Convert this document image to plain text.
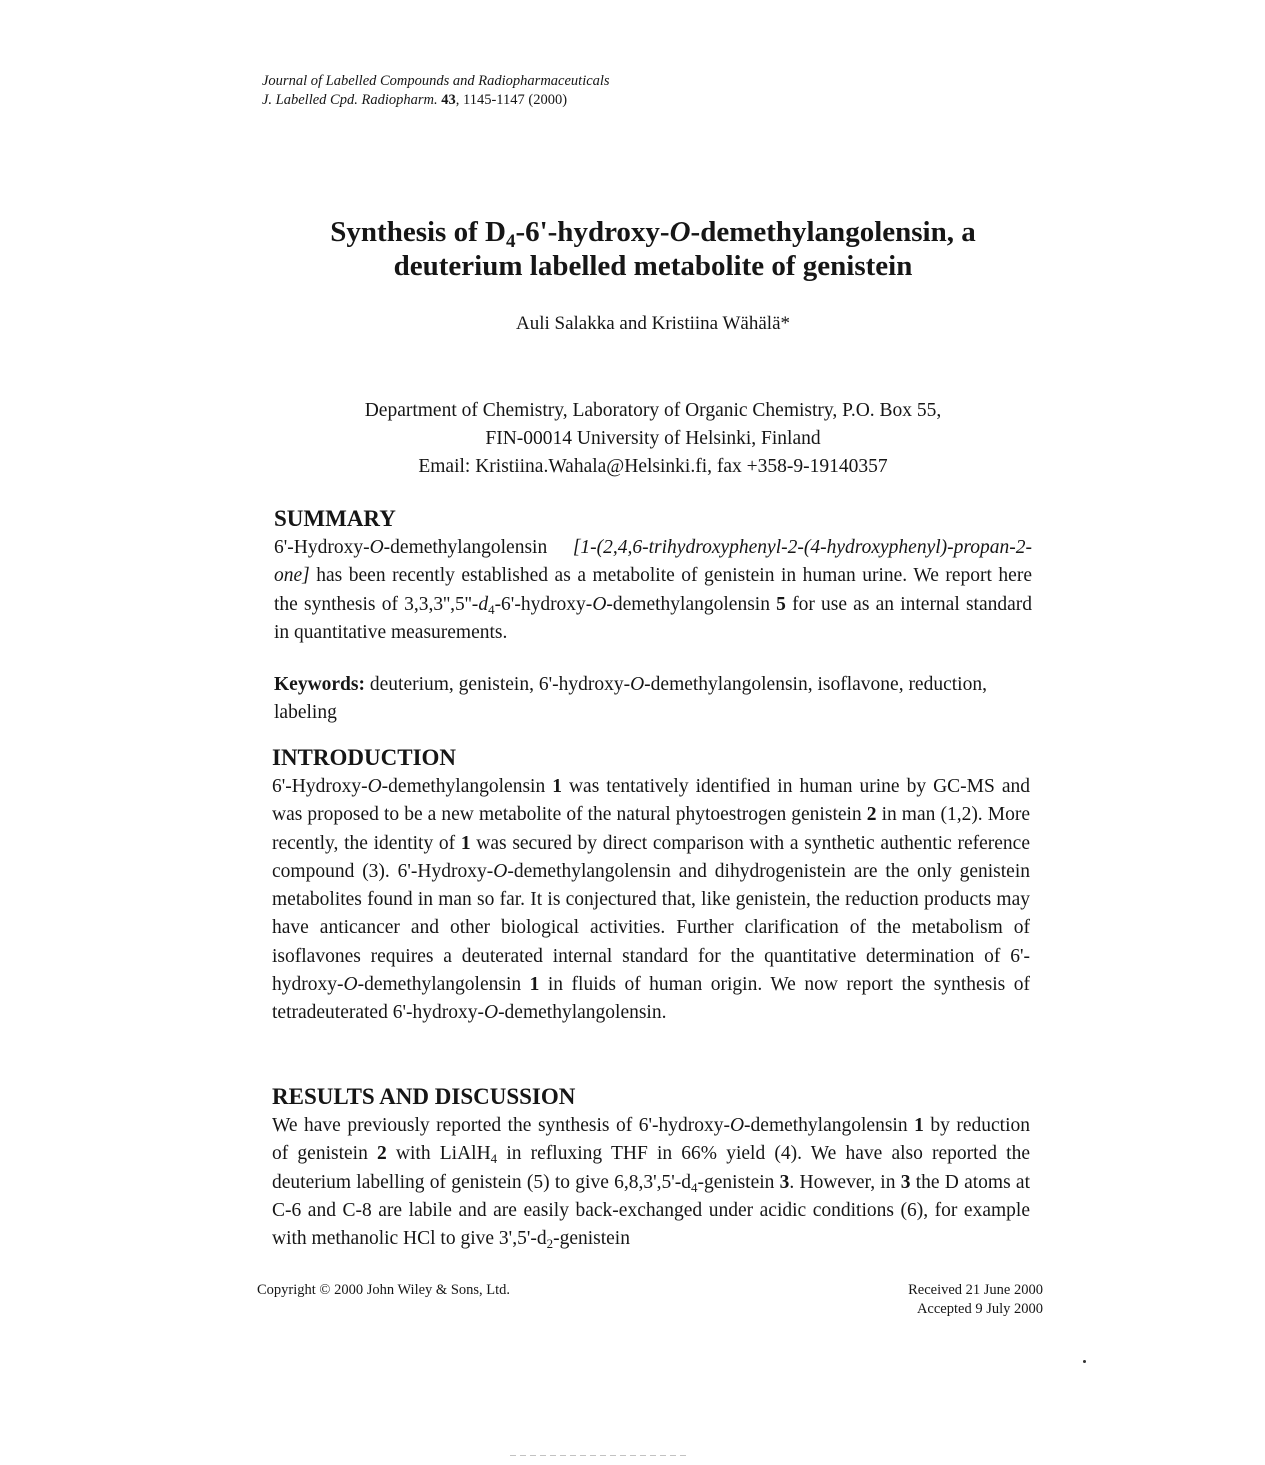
Journal of Labelled Compounds and Radiopharmaceuticals
J. Labelled Cpd. Radiopharm. 43, 1145-1147 (2000)
Synthesis of $D_4-6'-hydroxy-O$-demethylangolensin, a
deuterium labelled metabolite of genistein
Auli Salakka and Kristiina Wähälä*
Department of Chemistry, Laboratory of Organic Chemistry, P.O. Box 55,
FIN-00014 University of Helsinki, Finland
Email: Kristiina.Wahala@Helsinki.fi, fax +358-9-19140357
SUMMARY

6'-Hydroxy-O-demethylangolensin [1-(2,4,6-trihydroxyphenyl-2-(4-hydroxyphenyl)-propan-2-one] has been recently established as a metabolite of genistein in human urine. We report here the synthesis of $3,3,3'',5''-d_4-6'-hydroxy-O$-demethylangolensin 5 for use as an internal standard in quantitative measurements.

Keywords: deuterium, genistein, 6'-hydroxy-O-demethylangolensin, isoflavone, reduction, labeling

INTRODUCTION

6'-Hydroxy-O-demethylangolensin 1 was tentatively identified in human urine by GC-MS and was proposed to be a new metabolite of the natural phytoestrogen genistein 2 in man (1,2). More recently, the identity of 1 was secured by direct comparison with a synthetic authentic reference compound (3). 6'-Hydroxy-O-demethylangolensin and dihydrogenistein are the only genistein metabolites found in man so far. It is conjectured that, like genistein, the reduction products may have anticancer and other biological activities. Further clarification of the metabolism of isoflavones requires a deuterated internal standard for the quantitative determination of 6'-hydroxy-O-demethylangolensin 1 in fluids of human origin. We now report the synthesis of tetradeuterated 6'-hydroxy-O-demethylangolensin.

RESULTS AND DISCUSSION

We have previously reported the synthesis of 6'-hydroxy-O-demethylangolensin 1 by reduction of genistein 2 with LiAlH$_4$ in refluxing THF in 66% yield (4). We have also reported the deuterium labelling of genistein (5) to give $6,8,3',5'-d_4$-genistein 3. However, in 3 the D atoms at C-6 and C-8 are labile and are easily back-exchanged under acidic conditions (6), for example with methanolic HCl to give $3',5'-d_2$-genistein

Copyright © 2000 John Wiley & Sons, Ltd.	Received 21 June 2000
Accepted 9 July 2000
